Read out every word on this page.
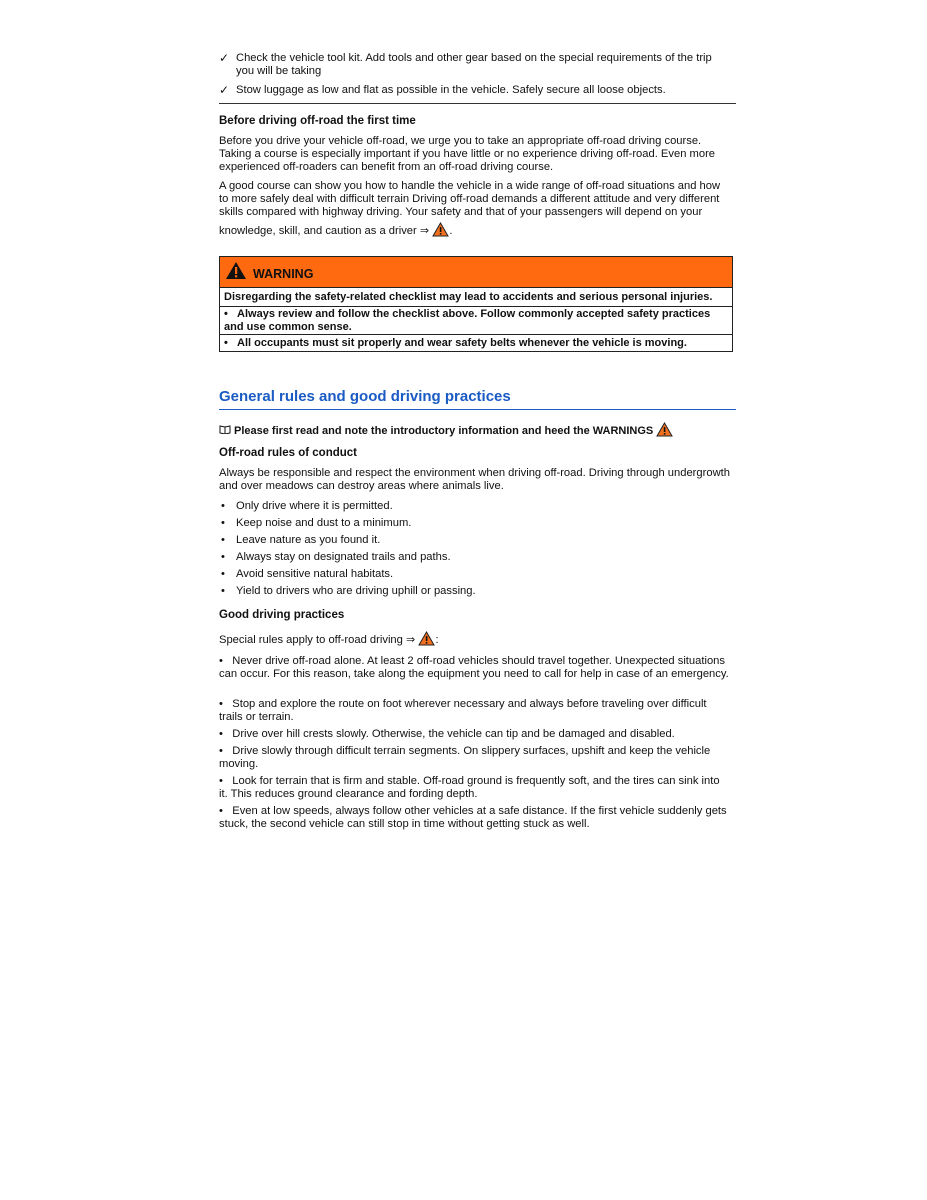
✓ Check the vehicle tool kit. Add tools and other gear based on the special requirements of the trip you will be taking
✓ Stow luggage as low and flat as possible in the vehicle. Safely secure all loose objects.
Before driving off-road the first time
Before you drive your vehicle off-road, we urge you to take an appropriate off-road driving course. Taking a course is especially important if you have little or no experience driving off-road. Even more experienced off-roaders can benefit from an off-road driving course.
A good course can show you how to handle the vehicle in a wide range of off-road situations and how to more safely deal with difficult terrain Driving off-road demands a different attitude and very different skills compared with highway driving. Your safety and that of your passengers will depend on your
knowledge, skill, and caution as a driver ⇒ .
WARNING
Disregarding the safety-related checklist may lead to accidents and serious personal injuries.
• Always review and follow the checklist above. Follow commonly accepted safety practices and use common sense.
• All occupants must sit properly and wear safety belts whenever the vehicle is moving.
General rules and good driving practices
Please first read and note the introductory information and heed the WARNINGS
Off-road rules of conduct
Always be responsible and respect the environment when driving off-road. Driving through undergrowth and over meadows can destroy areas where animals live.
• Only drive where it is permitted.
• Keep noise and dust to a minimum.
• Leave nature as you found it.
• Always stay on designated trails and paths.
• Avoid sensitive natural habitats.
• Yield to drivers who are driving uphill or passing.
Good driving practices
Special rules apply to off-road driving ⇒ :
• Never drive off-road alone. At least 2 off-road vehicles should travel together. Unexpected situations can occur. For this reason, take along the equipment you need to call for help in case of an emergency.
• Stop and explore the route on foot wherever necessary and always before traveling over difficult trails or terrain.
• Drive over hill crests slowly. Otherwise, the vehicle can tip and be damaged and disabled.
• Drive slowly through difficult terrain segments. On slippery surfaces, upshift and keep the vehicle moving.
• Look for terrain that is firm and stable. Off-road ground is frequently soft, and the tires can sink into it. This reduces ground clearance and fording depth.
• Even at low speeds, always follow other vehicles at a safe distance. If the first vehicle suddenly gets stuck, the second vehicle can still stop in time without getting stuck as well.
